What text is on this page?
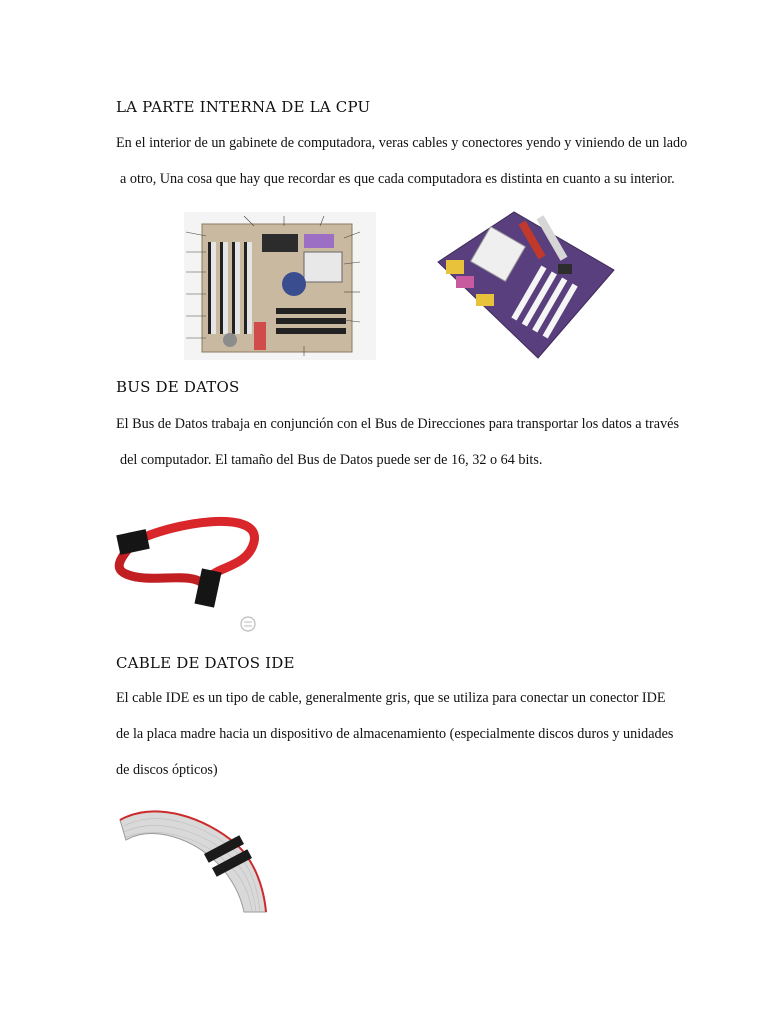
LA PARTE INTERNA DE LA CPU

En el interior de un gabinete de computadora, veras cables y conectores yendo y viniendo de un lado

a otro, Una cosa que hay que recordar es que cada computadora es distinta en cuanto a su interior.

BUS DE DATOS

El Bus de Datos trabaja en conjunción con el Bus de Direcciones para transportar los datos a través

del computador. El tamaño del Bus de Datos puede ser de 16, 32 o 64 bits.

CABLE DE DATOS IDE

El cable IDE es un tipo de cable, generalmente gris, que se utiliza para conectar un conector IDE

de la placa madre hacia un dispositivo de almacenamiento (especialmente discos duros y unidades

de discos ópticos)
